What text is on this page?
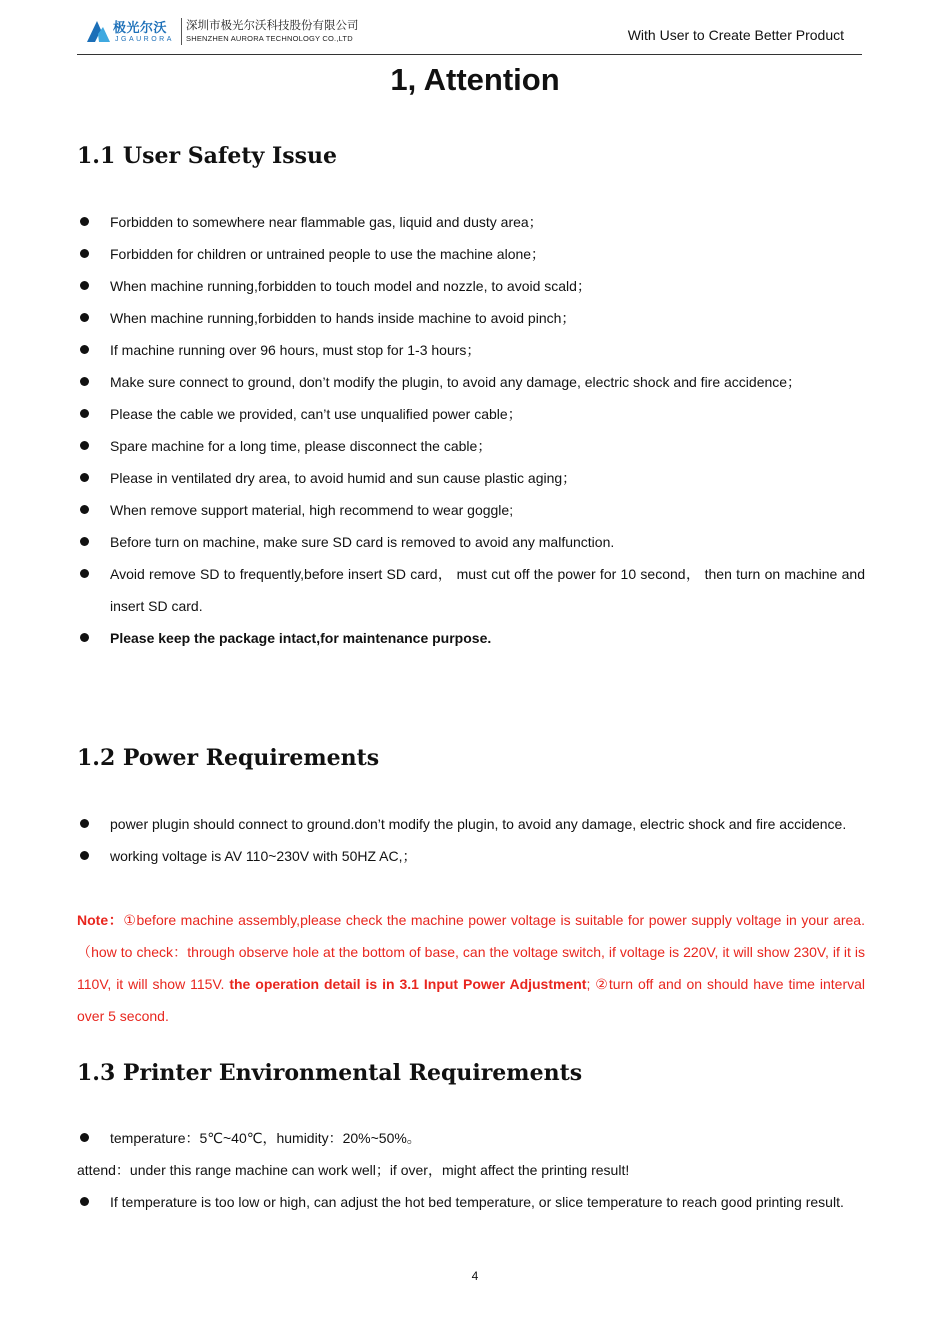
极光尔沃
JGAURORA
深圳市极光尔沃科技股份有限公司
SHENZHEN AURORA TECHNOLOGY CO.,LTD	With User to Create Better Product
1, Attention
1.1 User Safety Issue
Forbidden to somewhere near flammable gas, liquid and dusty area；
Forbidden for children or untrained people to use the machine alone；
When machine running,forbidden to touch model and nozzle, to avoid scald；
When machine running,forbidden to hands inside machine to avoid pinch；
If machine running over 96 hours, must stop for 1-3 hours；
Make sure connect to ground, don’t modify the plugin, to avoid any damage, electric shock and fire accidence；
Please the cable we provided, can’t use unqualified power cable；
Spare machine for a long time, please disconnect the cable；
Please in ventilated dry area, to avoid humid and sun cause plastic aging；
When remove support material, high recommend to wear goggle;
Before turn on machine, make sure SD card is removed to avoid any malfunction.
Avoid remove SD to frequently,before insert SD card， must cut off the power for 10 second， then turn on machine and insert SD card.
Please keep the package intact,for maintenance purpose.
1.2 Power Requirements
power plugin should connect to ground.don’t modify the plugin, to avoid any damage, electric shock and fire accidence.
working voltage is AV 110~230V with 50HZ AC,；

Note：①before machine assembly,please check the machine power voltage is suitable for power supply voltage in your area.（how to check：through observe hole at the bottom of base, can the voltage switch, if voltage is 220V, it will show 230V, if it is 110V, it will show 115V. the operation detail is in 3.1 Input Power Adjustment; ②turn off and on should have time interval over 5 second.

1.3 Printer Environmental Requirements
temperature：5℃~40℃，humidity：20%~50%。

attend：under this range machine can work well；if over，might affect the printing result!

If temperature is too low or high, can adjust the hot bed temperature, or slice temperature to reach good printing result.
4
